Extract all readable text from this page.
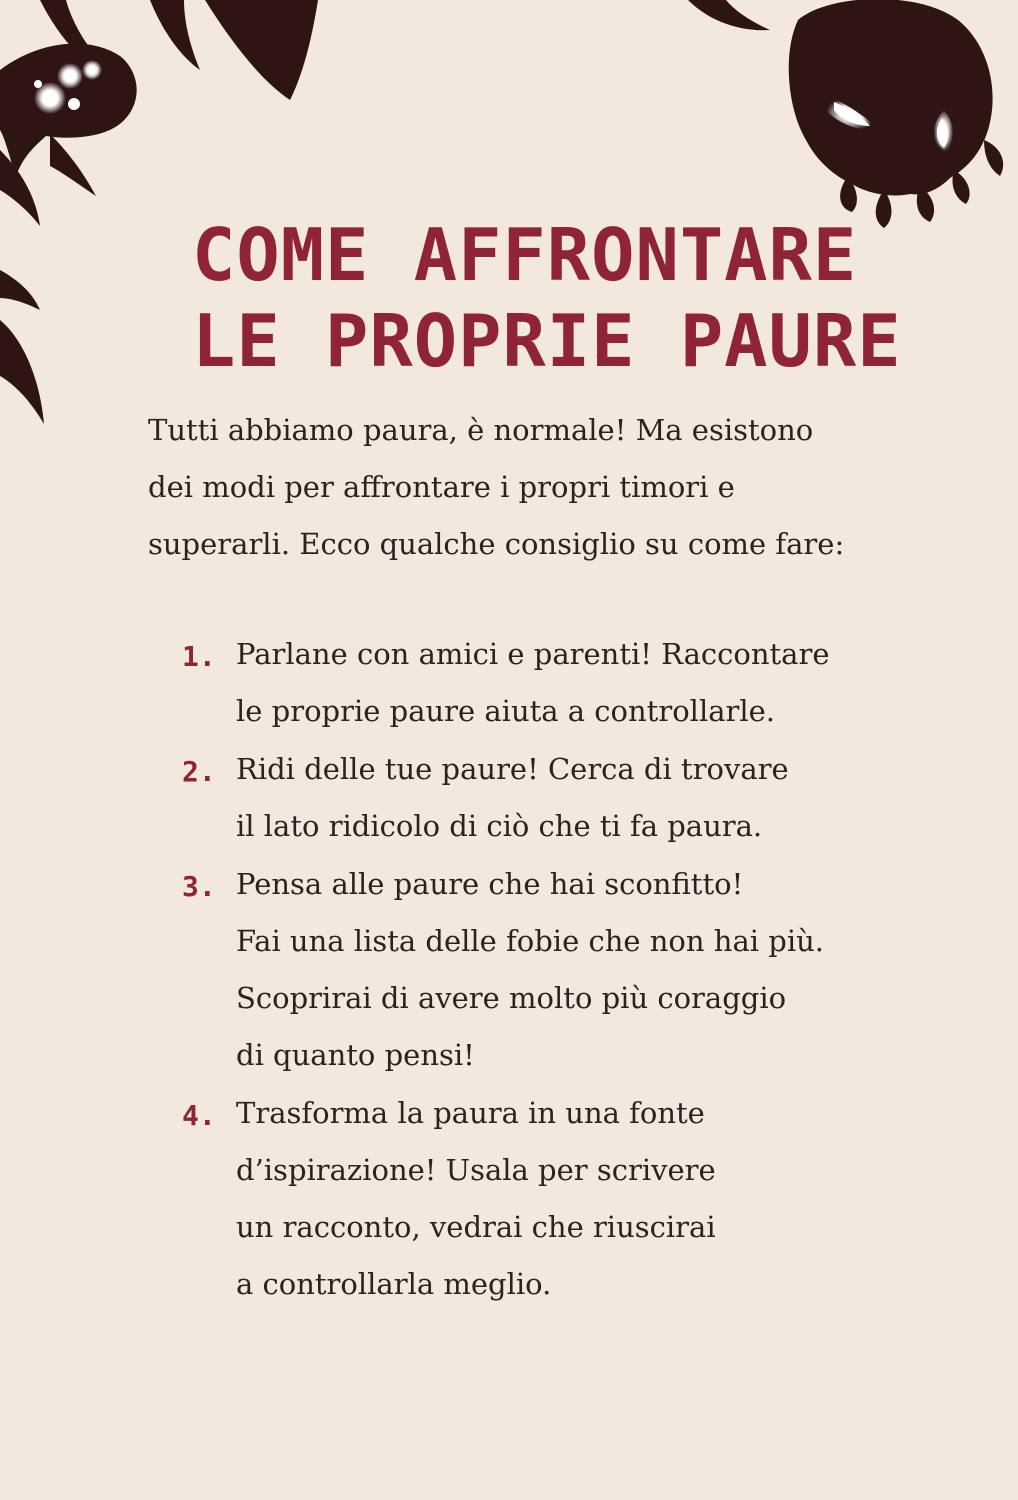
COME AFFRONTARE
LE PROPRIE PAURE

Tutti abbiamo paura, è normale! Ma esistono
dei modi per affrontare i propri timori e
superarli. Ecco qualche consiglio su come fare:

1. Parlane con amici e parenti! Raccontare
le proprie paure aiuta a controllarle.
2. Ridi delle tue paure! Cerca di trovare
il lato ridicolo di ciò che ti fa paura.
3. Pensa alle paure che hai sconfitto!
Fai una lista delle fobie che non hai più.
Scoprirai di avere molto più coraggio
di quanto pensi!
4. Trasforma la paura in una fonte
d’ispirazione! Usala per scrivere
un racconto, vedrai che riuscirai
a controllarla meglio.
